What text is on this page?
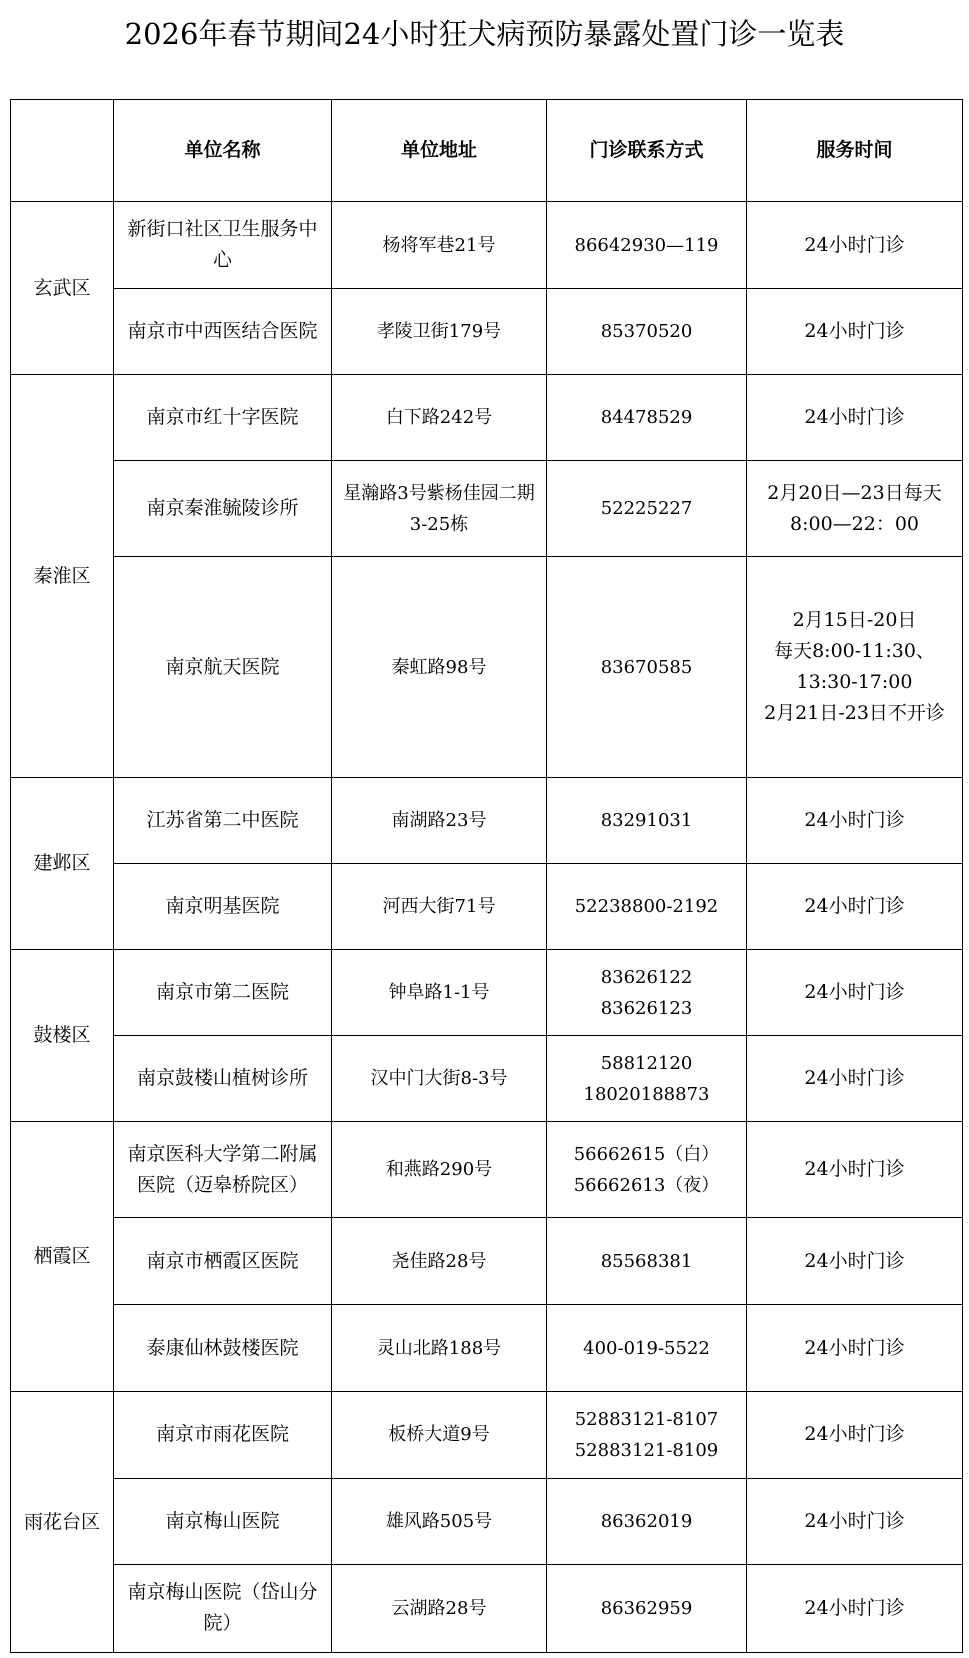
2026年春节期间24小时狂犬病预防暴露处置门诊一览表
	单位名称	单位地址	门诊联系方式	服务时间
玄武区	新街口社区卫生服务中心	杨将军巷21号	86642930—119	24小时门诊

	南京市中西医结合医院	孝陵卫街179号	85370520	24小时门诊

秦淮区	南京市红十字医院	白下路242号	84478529	24小时门诊

	南京秦淮毓陵诊所	星瀚路3号紫杨佳园二期3-25栋	52225227	2月20日—23日每天8:00—22：00

	南京航天医院	秦虹路98号	83670585	2月15日-20日
每天8:00-11:30、13:30-17:00
2月21日-23日不开诊

建邺区	江苏省第二中医院	南湖路23号	83291031	24小时门诊

	南京明基医院	河西大街71号	52238800-2192	24小时门诊

鼓楼区	南京市第二医院	钟阜路1-1号	83626122
83626123	24小时门诊

	南京鼓楼山植树诊所	汉中门大街8-3号	58812120
18020188873	24小时门诊

栖霞区	南京医科大学第二附属医院（迈皋桥院区）	和燕路290号	56662615（白）
56662613（夜）	24小时门诊

	南京市栖霞区医院	尧佳路28号	85568381	24小时门诊

	泰康仙林鼓楼医院	灵山北路188号	400-019-5522	24小时门诊

雨花台区	南京市雨花医院	板桥大道9号	52883121-8107
52883121-8109	24小时门诊

	南京梅山医院	雄风路505号	86362019	24小时门诊

	南京梅山医院（岱山分院）	云湖路28号	86362959	24小时门诊
